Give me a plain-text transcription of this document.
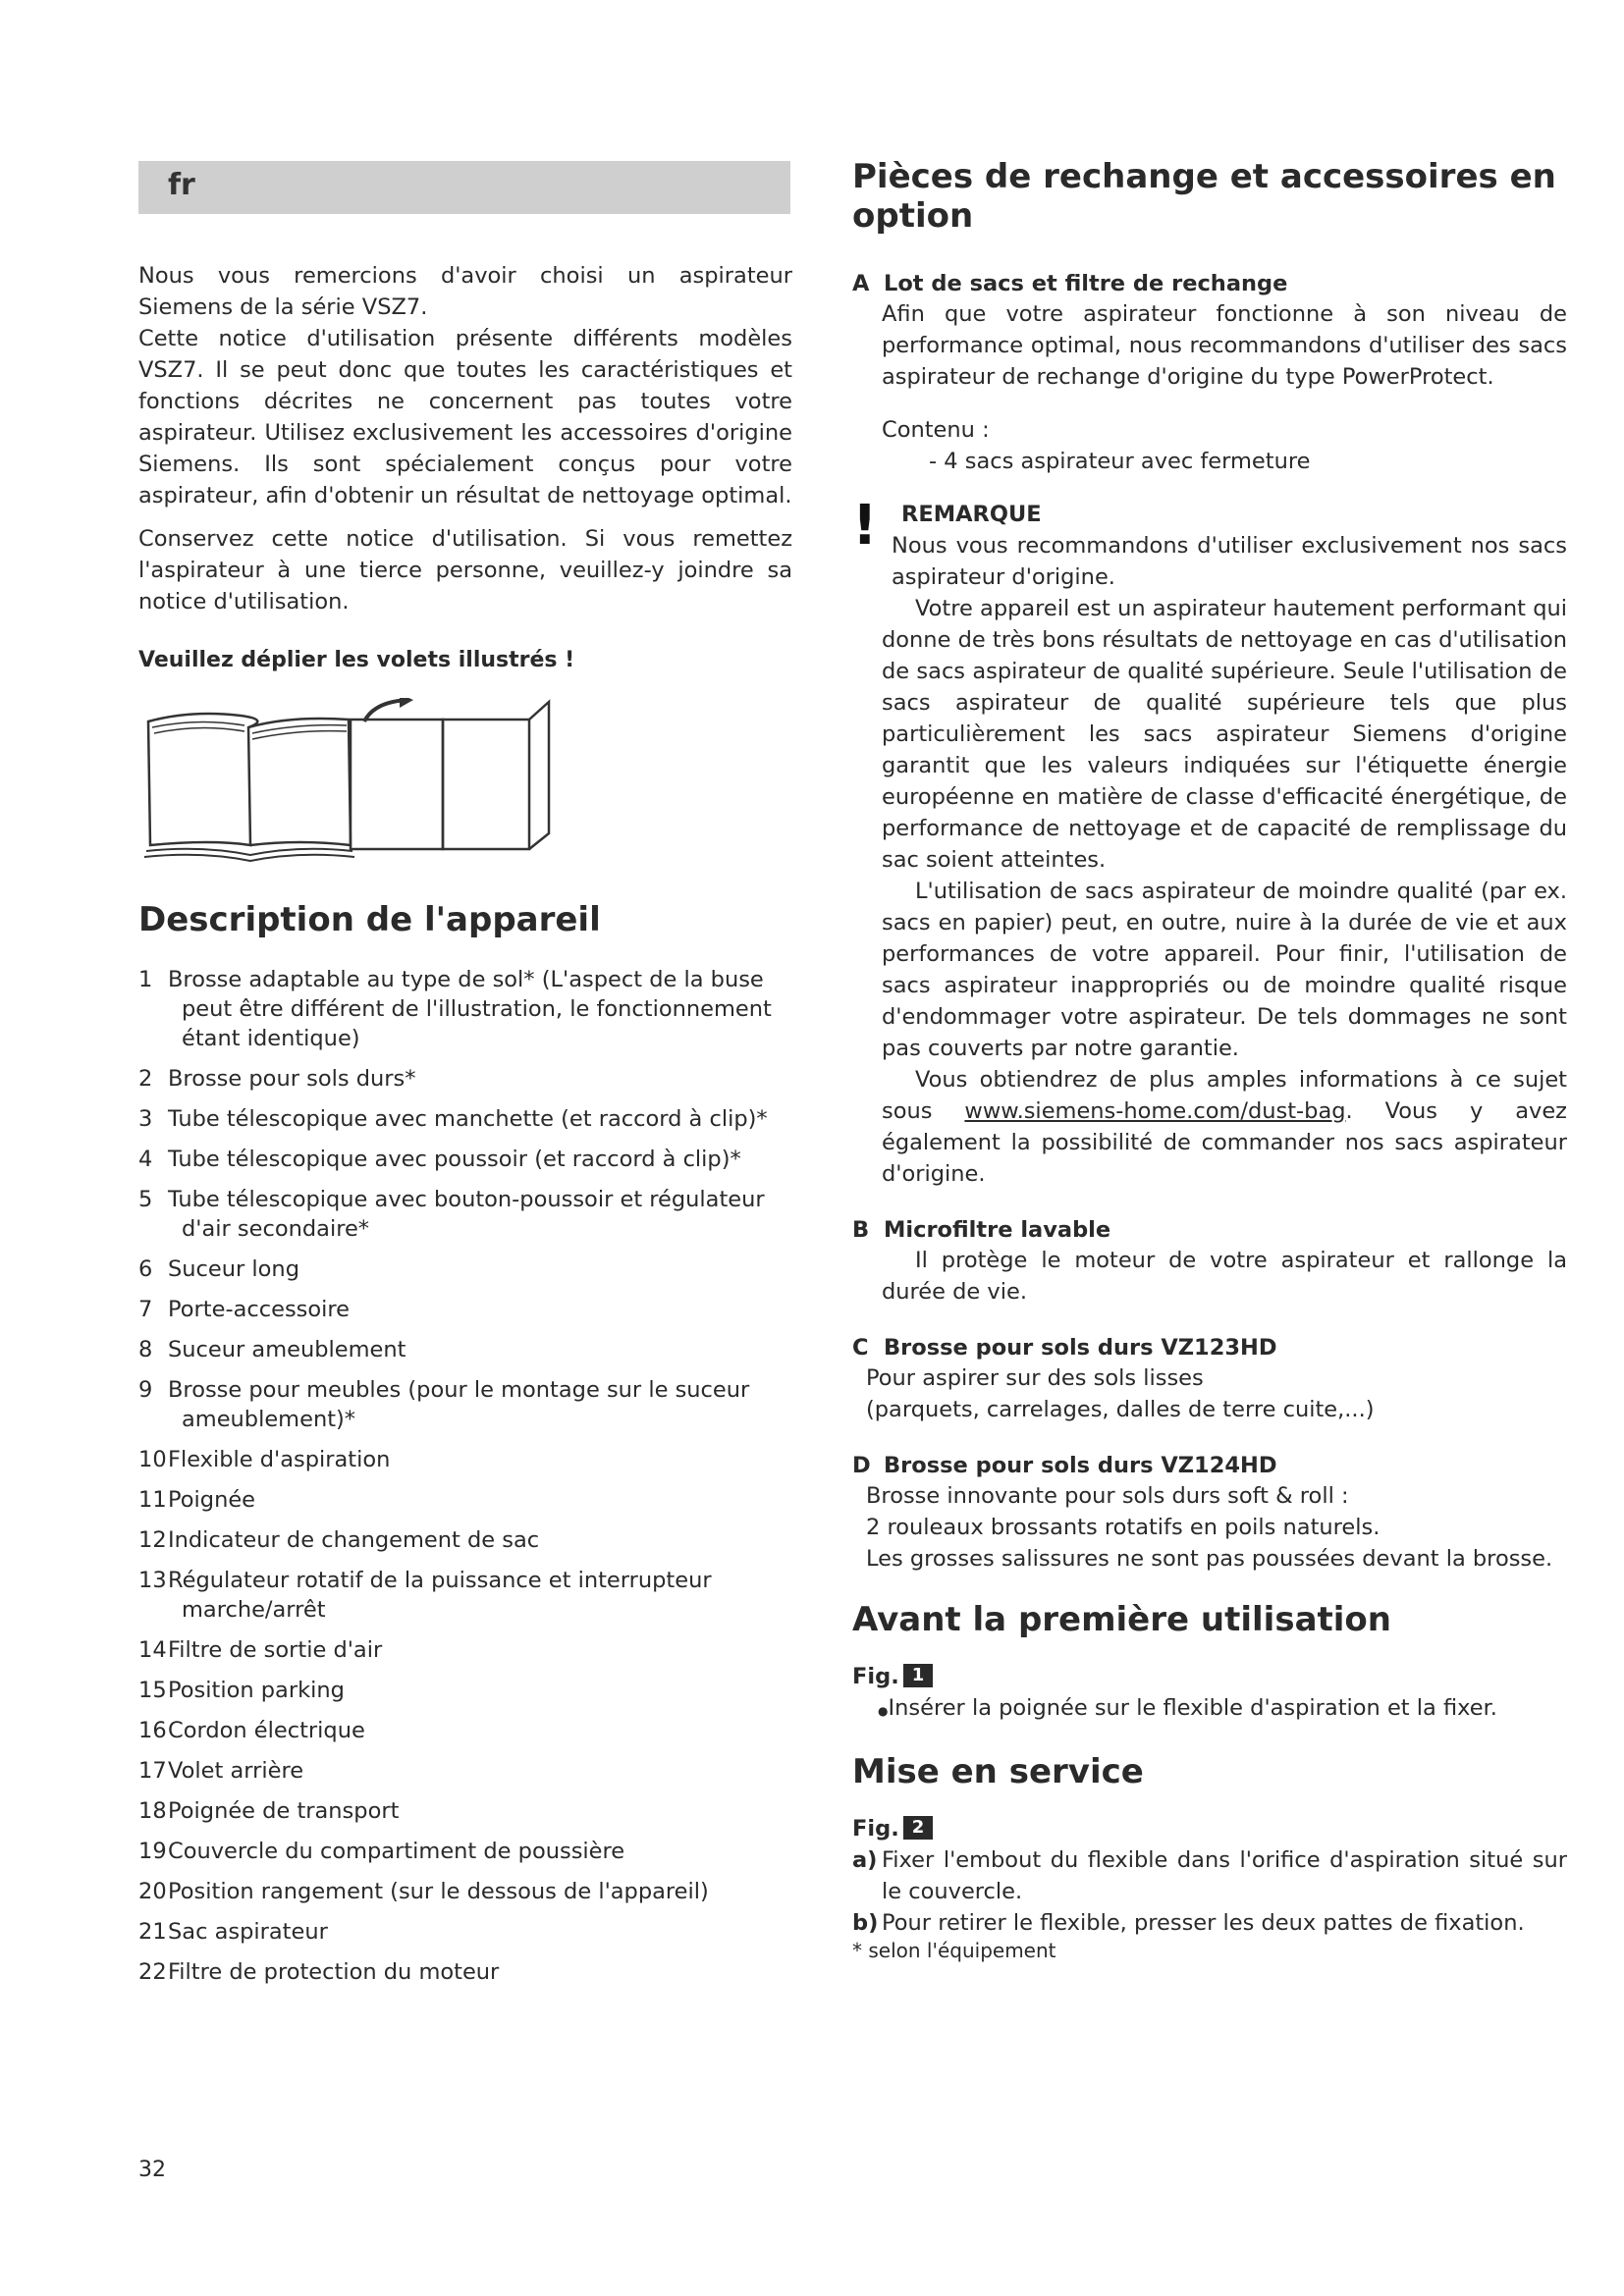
fr

Nous vous remercions d'avoir choisi un aspirateur Siemens de la série VSZ7.

Cette notice d'utilisation présente différents modèles VSZ7. Il se peut donc que toutes les caractéristiques et fonctions décrites ne concernent pas toutes votre aspirateur. Utilisez exclusivement les accessoires d'origine Siemens. Ils sont spécialement conçus pour votre aspirateur, afin d'obtenir un résultat de nettoyage optimal.

Conservez cette notice d'utilisation. Si vous remettez l'aspirateur à une tierce personne, veuillez-y joindre sa notice d'utilisation.

Veuillez déplier les volets illustrés !

Description de l'appareil
1 Brosse adaptable au type de sol* (L'aspect de la buse peut être différent de l'illustration, le fonctionnement étant identique)
2 Brosse pour sols durs*
3 Tube télescopique avec manchette (et raccord à clip)*
4 Tube télescopique avec poussoir (et raccord à clip)*
5 Tube télescopique avec bouton-poussoir et régulateur d'air secondaire*
6 Suceur long
7 Porte-accessoire
8 Suceur ameublement
9 Brosse pour meubles (pour le montage sur le suceur ameublement)*
10Flexible d'aspiration
11Poignée
12Indicateur de changement de sac
13Régulateur rotatif de la puissance et interrupteur marche/arrêt
14Filtre de sortie d'air
15Position parking
16Cordon électrique
17Volet arrière
18Poignée de transport
19Couvercle du compartiment de poussière
20Position rangement (sur le dessous de l'appareil)
21Sac aspirateur
22Filtre de protection du moteur
32
Pièces de rechange et accessoires en option
A Lot de sacs et filtre de rechange

Afin que votre aspirateur fonctionne à son niveau de performance optimal, nous recommandons d'utiliser des sacs aspirateur de rechange d'origine du type PowerProtect.

Contenu :

- 4 sacs aspirateur avec fermeture

!	REMARQUE

Nous vous recommandons d'utiliser exclusivement nos sacs aspirateur d'origine.

Votre appareil est un aspirateur hautement performant qui donne de très bons résultats de nettoyage en cas d'utilisation de sacs aspirateur de qualité supérieure. Seule l'utilisation de sacs aspirateur de qualité supérieure tels que plus particulièrement les sacs aspirateur Siemens d'origine garantit que les valeurs indiquées sur l'étiquette énergie européenne en matière de classe d'efficacité énergétique, de performance de nettoyage et de capacité de remplissage du sac soient atteintes.

L'utilisation de sacs aspirateur de moindre qualité (par ex. sacs en papier) peut, en outre, nuire à la durée de vie et aux performances de votre appareil. Pour finir, l'utilisation de sacs aspirateur inappropriés ou de moindre qualité risque d'endommager votre aspirateur. De tels dommages ne sont pas couverts par notre garantie.

Vous obtiendrez de plus amples informations à ce sujet sous www.siemens-home.com/dust-bag. Vous y avez également la possibilité de commander nos sacs aspirateur d'origine.

B Microfiltre lavable

Il protège le moteur de votre aspirateur et rallonge la durée de vie.

C Brosse pour sols durs VZ123HD

Pour aspirer sur des sols lisses

(parquets, carrelages, dalles de terre cuite,...)

D Brosse pour sols durs VZ124HD

Brosse innovante pour sols durs soft & roll :

2 rouleaux brossants rotatifs en poils naturels.

Les grosses salissures ne sont pas poussées devant la brosse.

Avant la première utilisation
Fig. 1

●Insérer la poignée sur le flexible d'aspiration et la fixer.

Mise en service
Fig. 2

a) Fixer l'embout du flexible dans l'orifice d'aspiration situé sur le couvercle.

b) Pour retirer le flexible, presser les deux pattes de fixation.

* selon l'équipement
